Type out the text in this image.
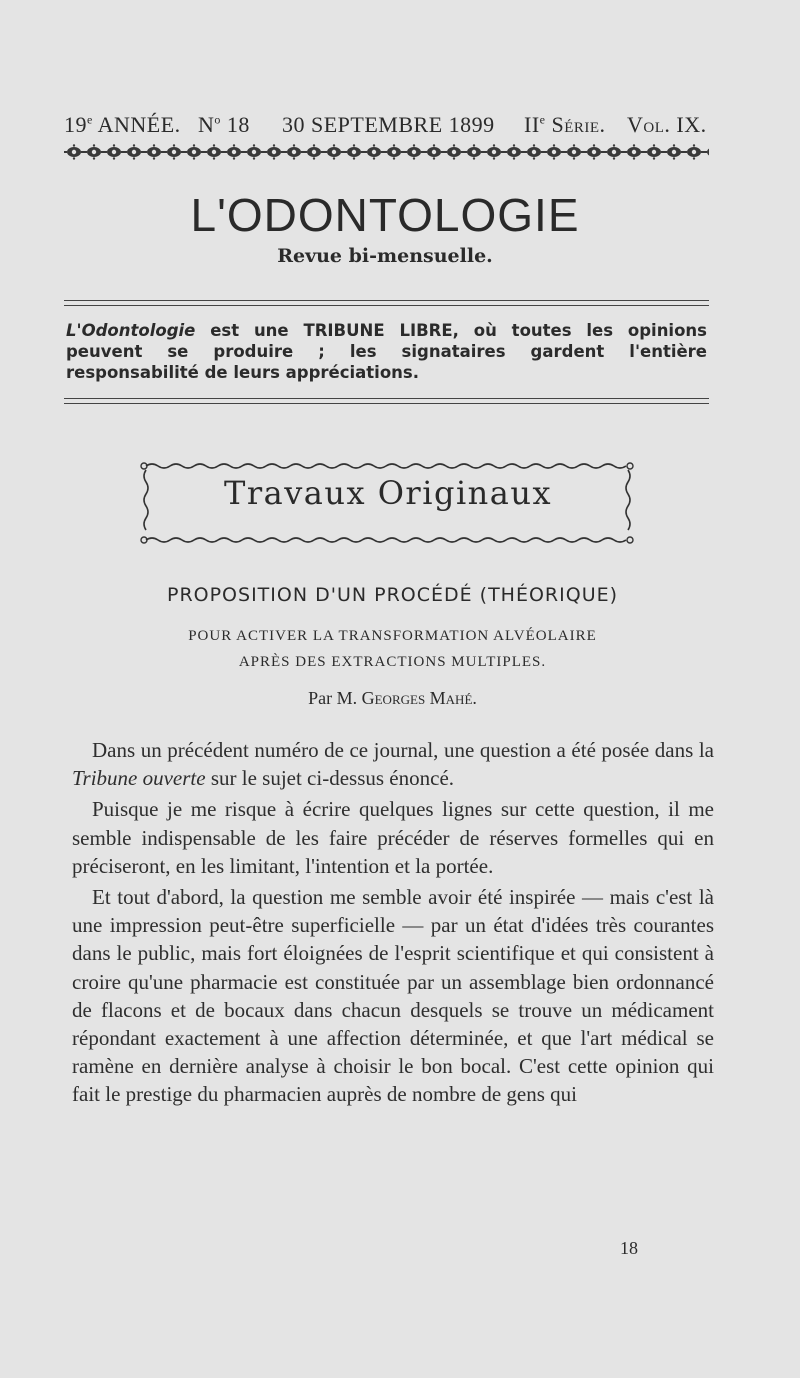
19e ANNÉE. $N^o$ 18 30 SEPTEMBRE 1899 IIe Série. Vol. IX.
L'ODONTOLOGIE
Revue bi-mensuelle.
L'Odontologie est une TRIBUNE LIBRE, où toutes les opinions peuvent se produire ; les signataires gardent l'entière responsabilité de leurs appréciations.
Travaux Originaux
PROPOSITION D'UN PROCÉDÉ (THÉORIQUE)
POUR ACTIVER LA TRANSFORMATION ALVÉOLAIRE
APRÈS DES EXTRACTIONS MULTIPLES.
Par M. Georges Mahé.

Dans un précédent numéro de ce journal, une question a été posée dans la Tribune ouverte sur le sujet ci-dessus énoncé.

Puisque je me risque à écrire quelques lignes sur cette question, il me semble indispensable de les faire précéder de réserves formelles qui en préciseront, en les limitant, l'intention et la portée.

Et tout d'abord, la question me semble avoir été inspirée — mais c'est là une impression peut-être superficielle — par un état d'idées très courantes dans le public, mais fort éloignées de l'esprit scientifique et qui consistent à croire qu'une pharmacie est constituée par un assemblage bien ordonnancé de flacons et de bocaux dans chacun desquels se trouve un médicament répondant exactement à une affection déterminée, et que l'art médical se ramène en dernière analyse à choisir le bon bocal. C'est cette opinion qui fait le prestige du pharmacien auprès de nombre de gens qui

18
